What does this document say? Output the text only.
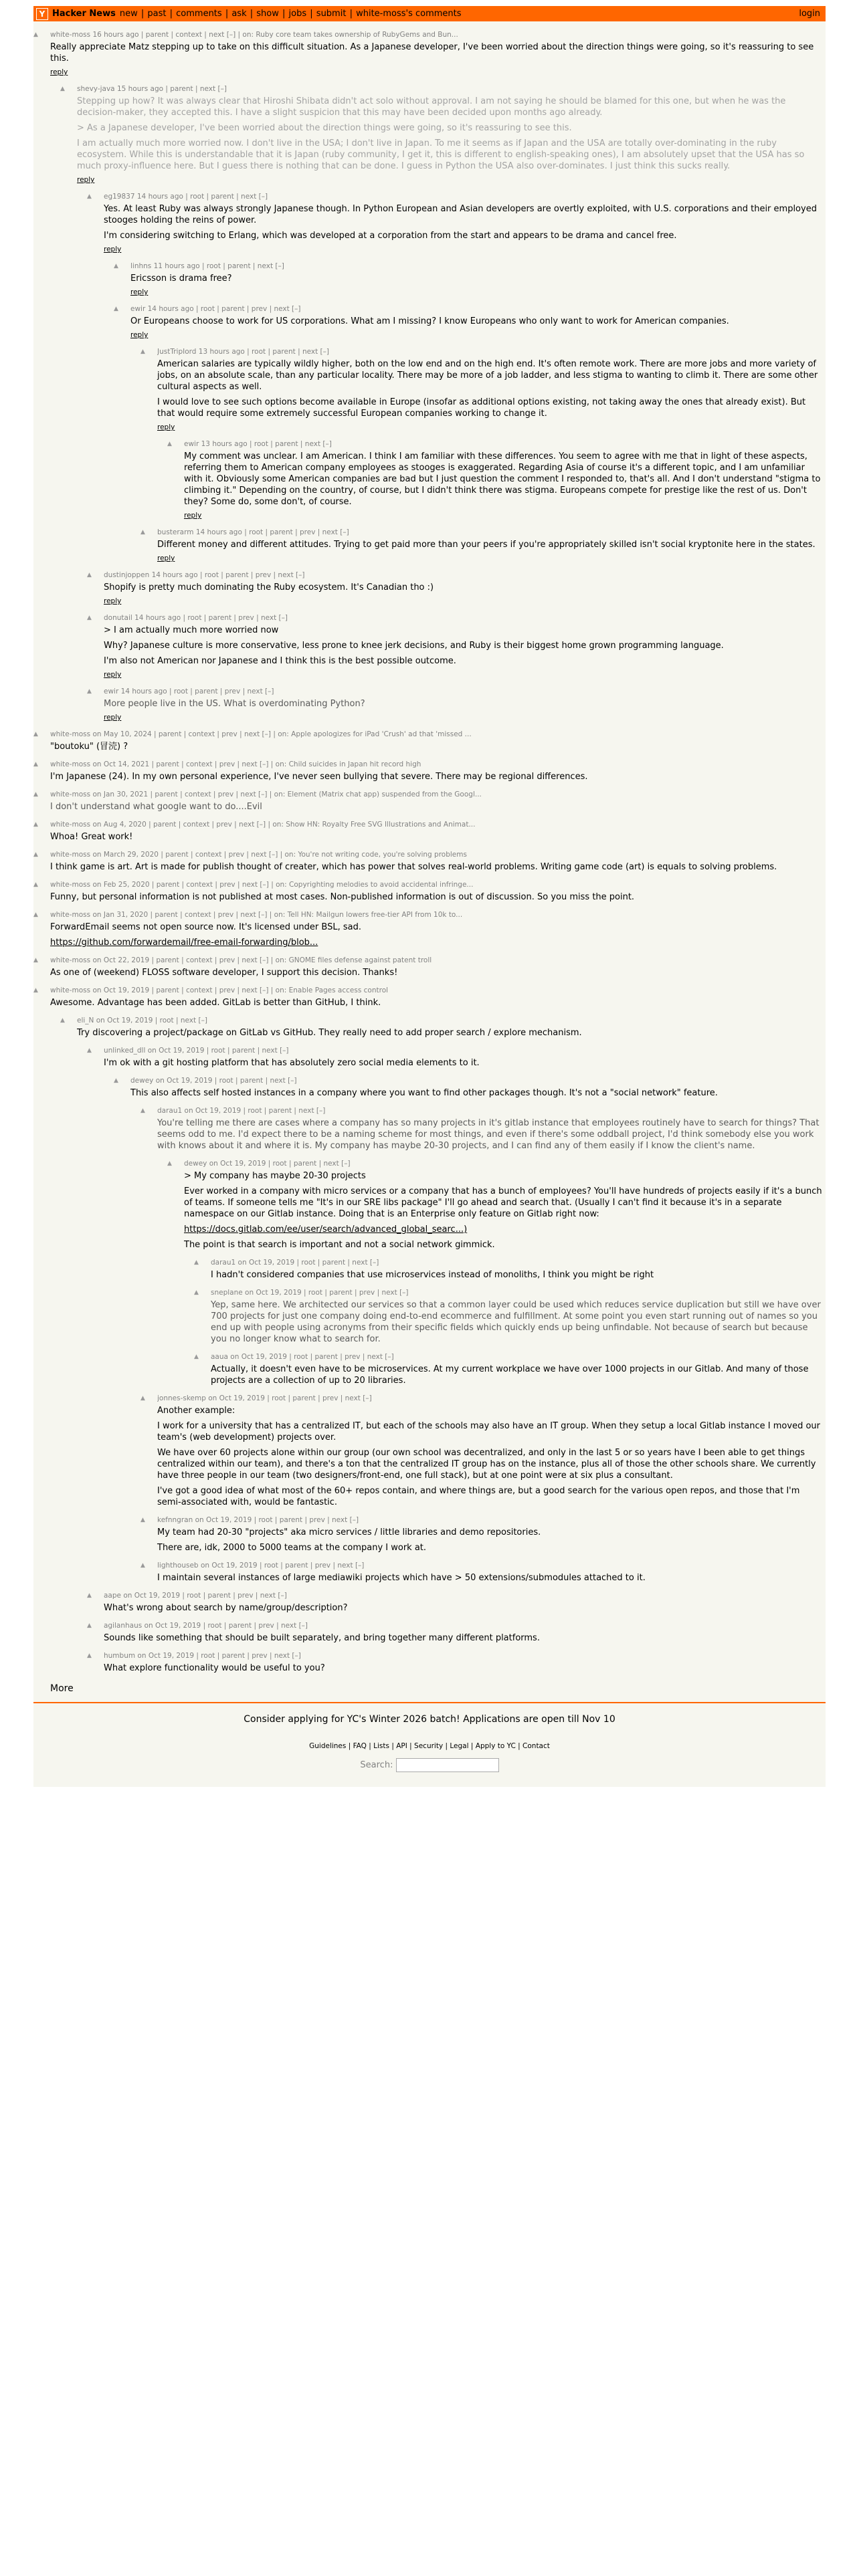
Y Hacker News new | past | comments | ask | show | jobs | submit | white-moss's comments	login
▲ white-moss 16 hours ago | parent | context | next [–] | on: Ruby core team takes ownership of RubyGems and Bun...

Really appreciate Matz stepping up to take on this difficult situation. As a Japanese developer, I've been worried about the direction things were going, so it's reassuring to see this.

reply
▲ shevy-java 15 hours ago | parent | next [–]

Stepping up how? It was always clear that Hiroshi Shibata didn't act solo without approval. I am not saying he should be blamed for this one, but when he was the decision-maker, they accepted this. I have a slight suspicion that this may have been decided upon months ago already.

> As a Japanese developer, I've been worried about the direction things were going, so it's reassuring to see this.

I am actually much more worried now. I don't live in the USA; I don't live in Japan. To me it seems as if Japan and the USA are totally over-dominating in the ruby ecosystem. While this is understandable that it is Japan (ruby community, I get it, this is different to english-speaking ones), I am absolutely upset that the USA has so much proxy-influence here. But I guess there is nothing that can be done. I guess in Python the USA also over-dominates. I just think this sucks really.

reply
▲ eg19837 14 hours ago | root | parent | next [–]

Yes. At least Ruby was always strongly Japanese though. In Python European and Asian developers are overtly exploited, with U.S. corporations and their employed stooges holding the reins of power.

I'm considering switching to Erlang, which was developed at a corporation from the start and appears to be drama and cancel free.

reply
▲ linhns 11 hours ago | root | parent | next [–]

Ericsson is drama free?

reply
▲ ewir 14 hours ago | root | parent | prev | next [–]

Or Europeans choose to work for US corporations. What am I missing? I know Europeans who only want to work for American companies.

reply
▲ JustTripIord 13 hours ago | root | parent | next [–]

American salaries are typically wildly higher, both on the low end and on the high end. It's often remote work. There are more jobs and more variety of jobs, on an absolute scale, than any particular locality. There may be more of a job ladder, and less stigma to wanting to climb it. There are some other cultural aspects as well.

I would love to see such options become available in Europe (insofar as additional options existing, not taking away the ones that already exist). But that would require some extremely successful European companies working to change it.

reply
▲ ewir 13 hours ago | root | parent | next [–]

My comment was unclear. I am American. I think I am familiar with these differences. You seem to agree with me that in light of these aspects, referring them to American company employees as stooges is exaggerated. Regarding Asia of course it's a different topic, and I am unfamiliar with it. Obviously some American companies are bad but I just question the comment I responded to, that's all. And I don't understand "stigma to climbing it." Depending on the country, of course, but I didn't think there was stigma. Europeans compete for prestige like the rest of us. Don't they? Some do, some don't, of course.

reply
▲ busterarm 14 hours ago | root | parent | prev | next [–]

Different money and different attitudes. Trying to get paid more than your peers if you're appropriately skilled isn't social kryptonite here in the states.

reply
▲ dustinjoppen 14 hours ago | root | parent | prev | next [–]

Shopify is pretty much dominating the Ruby ecosystem. It's Canadian tho :)

reply
▲ donutail 14 hours ago | root | parent | prev | next [–]

> I am actually much more worried now

Why? Japanese culture is more conservative, less prone to knee jerk decisions, and Ruby is their biggest home grown programming language.

I'm also not American nor Japanese and I think this is the best possible outcome.

reply
▲ ewir 14 hours ago | root | parent | prev | next [–]

More people live in the US. What is overdominating Python?

reply
▲ white-moss on May 10, 2024 | parent | context | prev | next [–] | on: Apple apologizes for iPad 'Crush' ad that 'missed ...

"boutoku" (冒涜) ?

▲ white-moss on Oct 14, 2021 | parent | context | prev | next [–] | on: Child suicides in Japan hit record high

I'm Japanese (24). In my own personal experience, I've never seen bullying that severe. There may be regional differences.

▲ white-moss on Jan 30, 2021 | parent | context | prev | next [–] | on: Element (Matrix chat app) suspended from the Googl...

I don't understand what google want to do....Evil

▲ white-moss on Aug 4, 2020 | parent | context | prev | next [–] | on: Show HN: Royalty Free SVG Illustrations and Animat...

Whoa! Great work!

▲ white-moss on March 29, 2020 | parent | context | prev | next [–] | on: You're not writing code, you're solving problems

I think game is art. Art is made for publish thought of creater, which has power that solves real-world problems. Writing game code (art) is equals to solving problems.

▲ white-moss on Feb 25, 2020 | parent | context | prev | next [–] | on: Copyrighting melodies to avoid accidental infringe...

Funny, but personal information is not published at most cases. Non-published information is out of discussion. So you miss the point.

▲ white-moss on Jan 31, 2020 | parent | context | prev | next [–] | on: Tell HN: Mailgun lowers free-tier API from 10k to...

ForwardEmail seems not open source now. It's licensed under BSL, sad.

https://github.com/forwardemail/free-email-forwarding/blob...

▲ white-moss on Oct 22, 2019 | parent | context | prev | next [–] | on: GNOME files defense against patent troll

As one of (weekend) FLOSS software developer, I support this decision. Thanks!

▲ white-moss on Oct 19, 2019 | parent | context | prev | next [–] | on: Enable Pages access control

Awesome. Advantage has been added. GitLab is better than GitHub, I think.

▲ eli_N on Oct 19, 2019 | root | next [–]

Try discovering a project/package on GitLab vs GitHub. They really need to add proper search / explore mechanism.

▲ unlinked_dll on Oct 19, 2019 | root | parent | next [–]

I'm ok with a git hosting platform that has absolutely zero social media elements to it.

▲ dewey on Oct 19, 2019 | root | parent | next [–]

This also affects self hosted instances in a company where you want to find other packages though. It's not a "social network" feature.

▲ darau1 on Oct 19, 2019 | root | parent | next [–]

You're telling me there are cases where a company has so many projects in it's gitlab instance that employees routinely have to search for things? That seems odd to me. I'd expect there to be a naming scheme for most things, and even if there's some oddball project, I'd think somebody else you work with knows about it and where it is. My company has maybe 20-30 projects, and I can find any of them easily if I know the client's name.

▲ dewey on Oct 19, 2019 | root | parent | next [–]

> My company has maybe 20-30 projects

Ever worked in a company with micro services or a company that has a bunch of employees? You'll have hundreds of projects easily if it's a bunch of teams. If someone tells me "It's in our SRE libs package" I'll go ahead and search that. (Usually I can't find it because it's in a separate namespace on our Gitlab instance. Doing that is an Enterprise only feature on Gitlab right now:

https://docs.gitlab.com/ee/user/search/advanced_global_searc...)

The point is that search is important and not a social network gimmick.

▲ darau1 on Oct 19, 2019 | root | parent | next [–]

I hadn't considered companies that use microservices instead of monoliths, I think you might be right

▲ sneplane on Oct 19, 2019 | root | parent | prev | next [–]

Yep, same here. We architected our services so that a common layer could be used which reduces service duplication but still we have over 700 projects for just one company doing end-to-end ecommerce and fulfillment. At some point you even start running out of names so you end up with people using acronyms from their specific fields which quickly ends up being unfindable. Not because of search but because you no longer know what to search for.

▲ aaua on Oct 19, 2019 | root | parent | prev | next [–]

Actually, it doesn't even have to be microservices. At my current workplace we have over 1000 projects in our Gitlab. And many of those projects are a collection of up to 20 libraries.

▲ jonnes-skemp on Oct 19, 2019 | root | parent | prev | next [–]

Another example:

I work for a university that has a centralized IT, but each of the schools may also have an IT group. When they setup a local Gitlab instance I moved our team's (web development) projects over.

We have over 60 projects alone within our group (our own school was decentralized, and only in the last 5 or so years have I been able to get things centralized within our team), and there's a ton that the centralized IT group has on the instance, plus all of those the other schools share. We currently have three people in our team (two designers/front-end, one full stack), but at one point were at six plus a consultant.

I've got a good idea of what most of the 60+ repos contain, and where things are, but a good search for the various open repos, and those that I'm semi-associated with, would be fantastic.

▲ kefnngran on Oct 19, 2019 | root | parent | prev | next [–]

My team had 20-30 "projects" aka micro services / little libraries and demo repositories.

There are, idk, 2000 to 5000 teams at the company I work at.

▲ lighthouseb on Oct 19, 2019 | root | parent | prev | next [–]

I maintain several instances of large mediawiki projects which have > 50 extensions/submodules attached to it.

▲ aape on Oct 19, 2019 | root | parent | prev | next [–]

What's wrong about search by name/group/description?

▲ agilanhaus on Oct 19, 2019 | root | parent | prev | next [–]

Sounds like something that should be built separately, and bring together many different platforms.

▲ humbum on Oct 19, 2019 | root | parent | prev | next [–]

What explore functionality would be useful to you?

More
Consider applying for YC's Winter 2026 batch! Applications are open till Nov 10
Guidelines | FAQ | Lists | API | Security | Legal | Apply to YC | Contact
Search:
